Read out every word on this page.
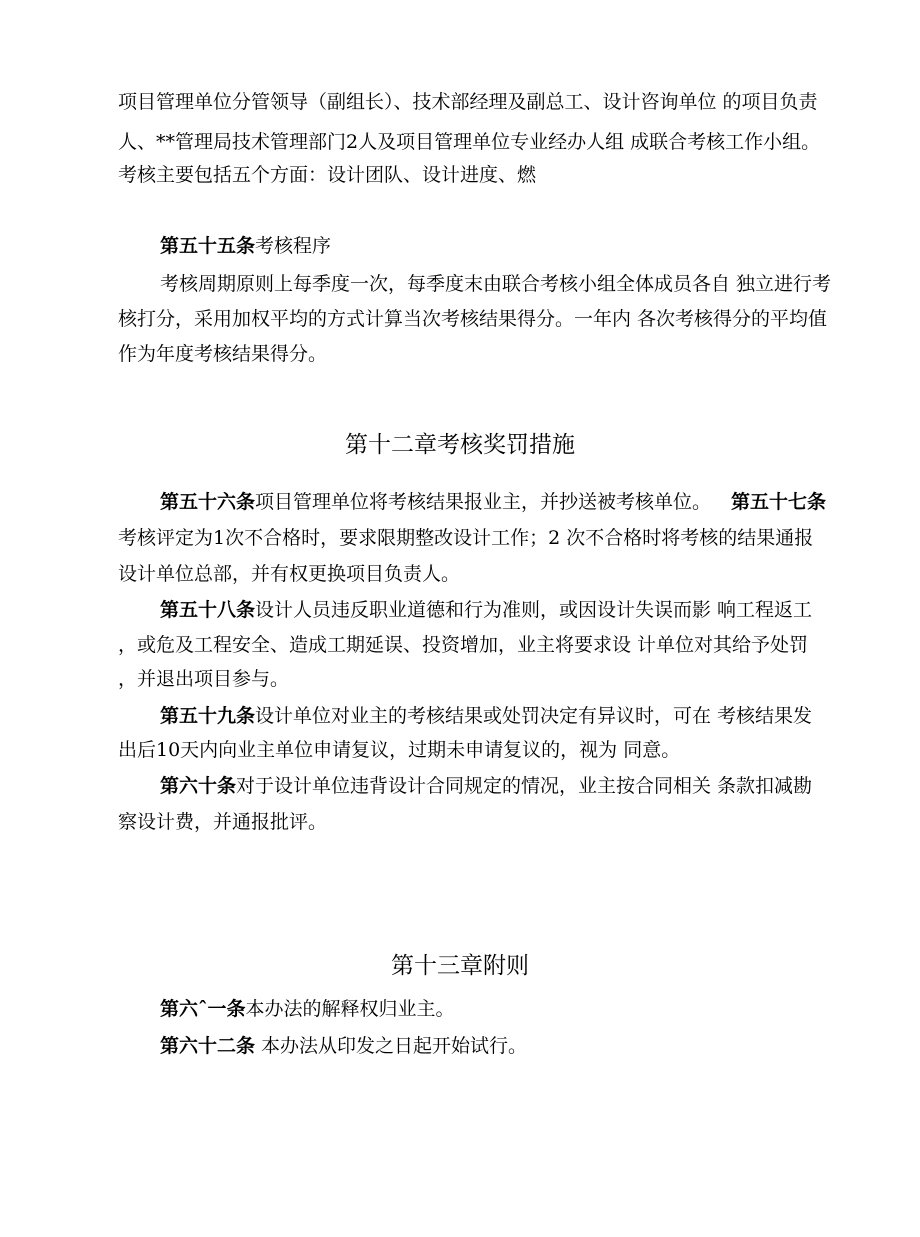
项目管理单位分管领导（副组长）、技术部经理及副总工、设计咨询单位 的项目负责
人、**管理局技术管理部门2人及项目管理单位专业经办人组 成联合考核工作小组。
考核主要包括五个方面：设计团队、设计进度、燃
第五十五条考核程序
考核周期原则上每季度一次，每季度末由联合考核小组全体成员各自 独立进行考
核打分，采用加权平均的方式计算当次考核结果得分。一年内 各次考核得分的平均值
作为年度考核结果得分。
第十二章考核奖罚措施
第五十六条项目管理单位将考核结果报业主，并抄送被考核单位。 第五十七条
考核评定为1次不合格时，要求限期整改设计工作；2 次不合格时将考核的结果通报
设计单位总部，并有权更换项目负责人。
第五十八条设计人员违反职业道德和行为准则，或因设计失误而影 响工程返工
，或危及工程安全、造成工期延误、投资增加，业主将要求设 计单位对其给予处罚
，并退出项目参与。
第五十九条设计单位对业主的考核结果或处罚决定有异议时，可在 考核结果发
出后10天内向业主单位申请复议，过期未申请复议的，视为 同意。
第六十条对于设计单位违背设计合同规定的情况，业主按合同相关 条款扣减勘
察设计费，并通报批评。
第十三章附则
第六ˆ一条本办法的解释权归业主。
第六十二条 本办法从印发之日起开始试行。
